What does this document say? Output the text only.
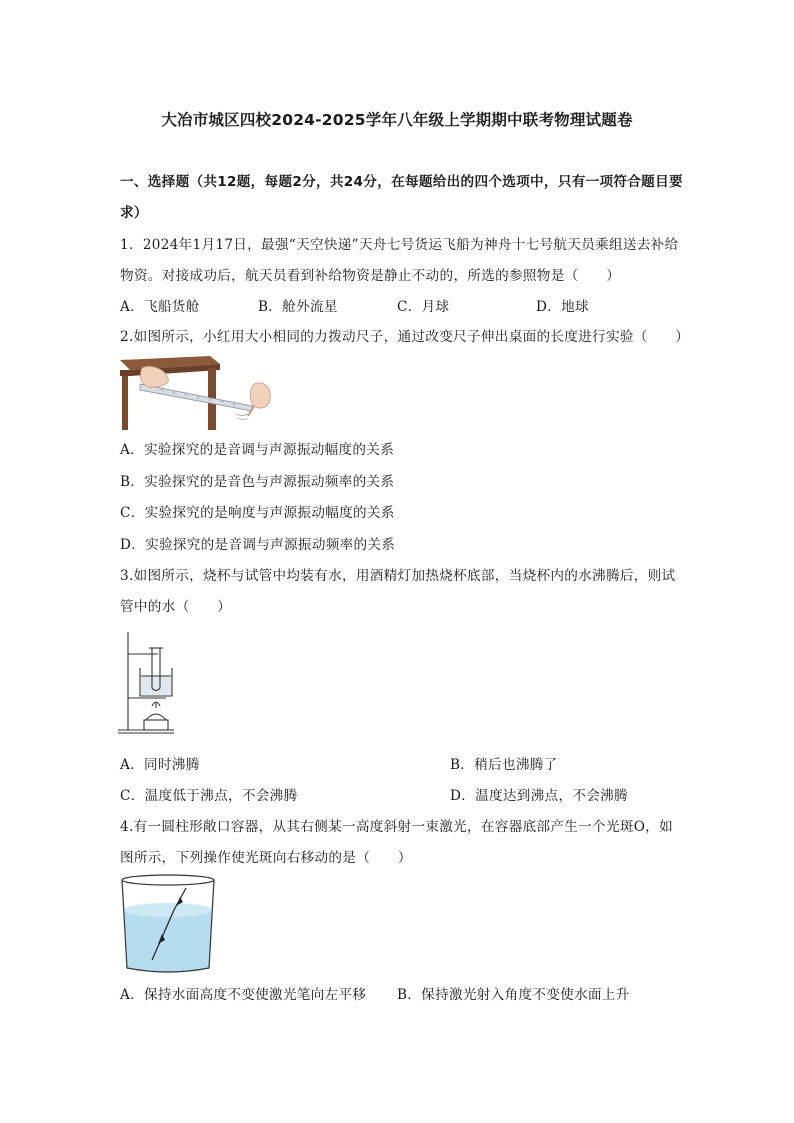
大冶市城区四校2024-2025学年八年级上学期期中联考物理试题卷
一、选择题（共12题，每题2分，共24分，在每题给出的四个选项中，只有一项符合题目要
求）
1．2024年1月17日，最强“天空快递”天舟七号货运飞船为神舟十七号航天员乘组送去补给
物资。对接成功后，航天员看到补给物资是静止不动的，所选的参照物是（　　）
A．飞船货舱	B．舱外流星	C．月球	D．地球
2.如图所示，小红用大小相同的力拨动尺子，通过改变尺子伸出桌面的长度进行实验（　　）
A．实验探究的是音调与声源振动幅度的关系
B．实验探究的是音色与声源振动频率的关系
C．实验探究的是响度与声源振动幅度的关系
D．实验探究的是音调与声源振动频率的关系
3.如图所示，烧杯与试管中均装有水，用酒精灯加热烧杯底部，当烧杯内的水沸腾后，则试
管中的水（　　）
A．同时沸腾	B．稍后也沸腾了
C．温度低于沸点，不会沸腾	D．温度达到沸点，不会沸腾
4.有一圆柱形敞口容器，从其右侧某一高度斜射一束激光，在容器底部产生一个光斑O，如
图所示，下列操作使光斑向右移动的是（　　）
A．保持水面高度不变使激光笔向左平移 B．保持激光射入角度不变使水面上升
